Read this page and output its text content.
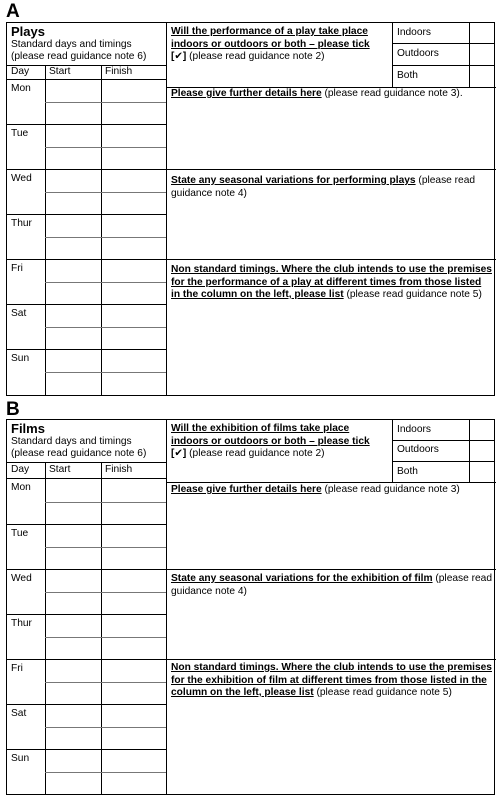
A
Plays
Standard days and timings
(please read guidance note 6)
Day Start	Finish
Mon
Tue
Wed
Thur
Fri
Sat
Sun
Will the performance of a play take place
indoors or outdoors or both – please tick
[✔] (please read guidance note 2)
Indoors
Outdoors
Both
Please give further details here (please read guidance note 3).
State any seasonal variations for performing plays (please read guidance note 4)
Non standard timings. Where the club intends to use the premises for the performance of a play at different times from those listed in the column on the left, please list (please read guidance note 5)
B
Films
Standard days and timings
(please read guidance note 6)
Day Start	Finish
Mon
Tue
Wed
Thur
Fri
Sat
Sun
Will the exhibition of films take place
indoors or outdoors or both – please tick
[✔] (please read guidance note 2)
Indoors
Outdoors
Both
Please give further details here (please read guidance note 3)
State any seasonal variations for the exhibition of film (please read guidance note 4)
Non standard timings. Where the club intends to use the premises for the exhibition of film at different times from those listed in the column on the left, please list (please read guidance note 5)
